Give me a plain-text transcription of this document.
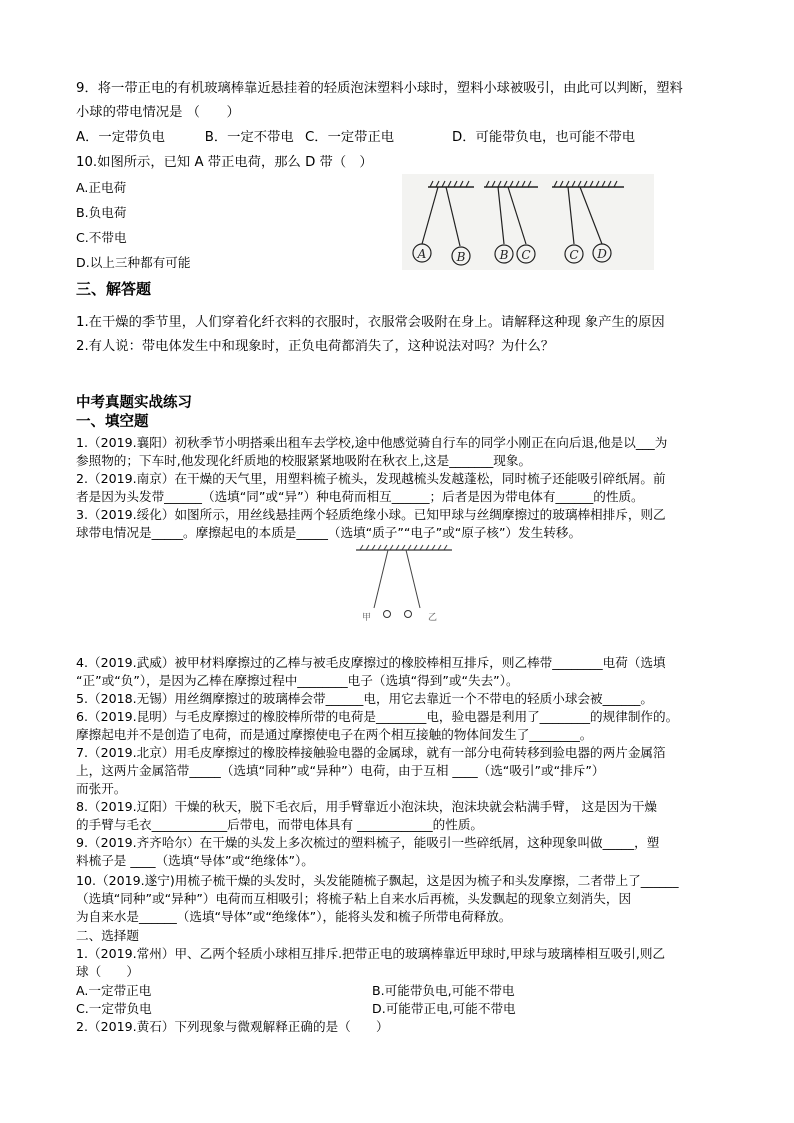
9．将一带正电的有机玻璃棒靠近悬挂着的轻质泡沫塑料小球时，塑料小球被吸引，由此可以判断，塑料

小球的带电情况是 （　　）

A．一定带负电　　　B．一定不带电 C．一定带正电	D．可能带负电，也可能不带电

10.如图所示，已知 A 带正电荷，那么 D 带（　）

A.正电荷

B.负电荷

C.不带电

D.以上三种都有可能

A	B	B C	C D

三、解答题

1.在干燥的季节里，人们穿着化纤衣料的衣服时，衣服常会吸附在身上。请解释这种现 象产生的原因

2.有人说：带电体发生中和现象时，正负电荷都消失了，这种说法对吗？为什么？

中考真题实战练习

一、填空题

1.（2019.襄阳）初秋季节小明搭乘出租车去学校,途中他感觉骑自行车的同学小刚正在向后退,他是以___为

参照物的；下车时,他发现化纤质地的校服紧紧地吸附在秋衣上,这是_______现象。

2.（2019.南京）在干燥的天气里，用塑料梳子梳头，发现越梳头发越蓬松，同时梳子还能吸引碎纸屑。前

者是因为头发带______（选填“同”或“异”）种电荷而相互______；后者是因为带电体有______的性质。

3.（2019.绥化）如图所示，用丝线悬挂两个轻质绝缘小球。已知甲球与丝绸摩擦过的玻璃棒相排斥，则乙

球带电情况是_____。摩擦起电的本质是_____（选填“质子”“电子”或“原子核”）发生转移。

甲	乙

4.（2019.武威）被甲材料摩擦过的乙棒与被毛皮摩擦过的橡胶棒相互排斥，则乙棒带________电荷（选填

“正”或“负”），是因为乙棒在摩擦过程中________电子（选填“得到”或“失去”）。

5.（2018.无锡）用丝绸摩擦过的玻璃棒会带______电，用它去靠近一个不带电的轻质小球会被______。

6.（2019.昆明）与毛皮摩擦过的橡胶棒所带的电荷是________电，验电器是利用了________的规律制作的。

摩擦起电并不是创造了电荷，而是通过摩擦使电子在两个相互接触的物体间发生了________。

7.（2019.北京）用毛皮摩擦过的橡胶棒接触验电器的金属球，就有一部分电荷转移到验电器的两片金属箔

上，这两片金属箔带_____（选填“同种”或“异种”）电荷，由于互相 ____（选“吸引”或“排斥”）

而张开。

8.（2019.辽阳）干燥的秋天，脱下毛衣后，用手臂靠近小泡沫块，泡沫块就会粘满手臂， 这是因为干燥

的手臂与毛衣____________后带电，而带电体具有 ____________的性质。

9.（2019.齐齐哈尔）在干燥的头发上多次梳过的塑料梳子，能吸引一些碎纸屑，这种现象叫做_____，塑

料梳子是 ____（选填“导体”或“绝缘体”）。

10.（2019.遂宁)用梳子梳干燥的头发时，头发能随梳子飘起，这是因为梳子和头发摩擦，二者带上了______

（选填“同种”或“异种”）电荷而互相吸引；将梳子粘上自来水后再梳，头发飘起的现象立刻消失，因

为自来水是______（选填“导体”或“绝缘体”），能将头发和梳子所带电荷释放。

二、选择题

1.（2019.常州）甲、乙两个轻质小球相互排斥.把带正电的玻璃棒靠近甲球时,甲球与玻璃棒相互吸引,则乙

球（　　）

A.一定带正电	B.可能带负电,可能不带电

C.一定带负电	D.可能带正电,可能不带电

2.（2019.黄石）下列现象与微观解释正确的是（　　）
